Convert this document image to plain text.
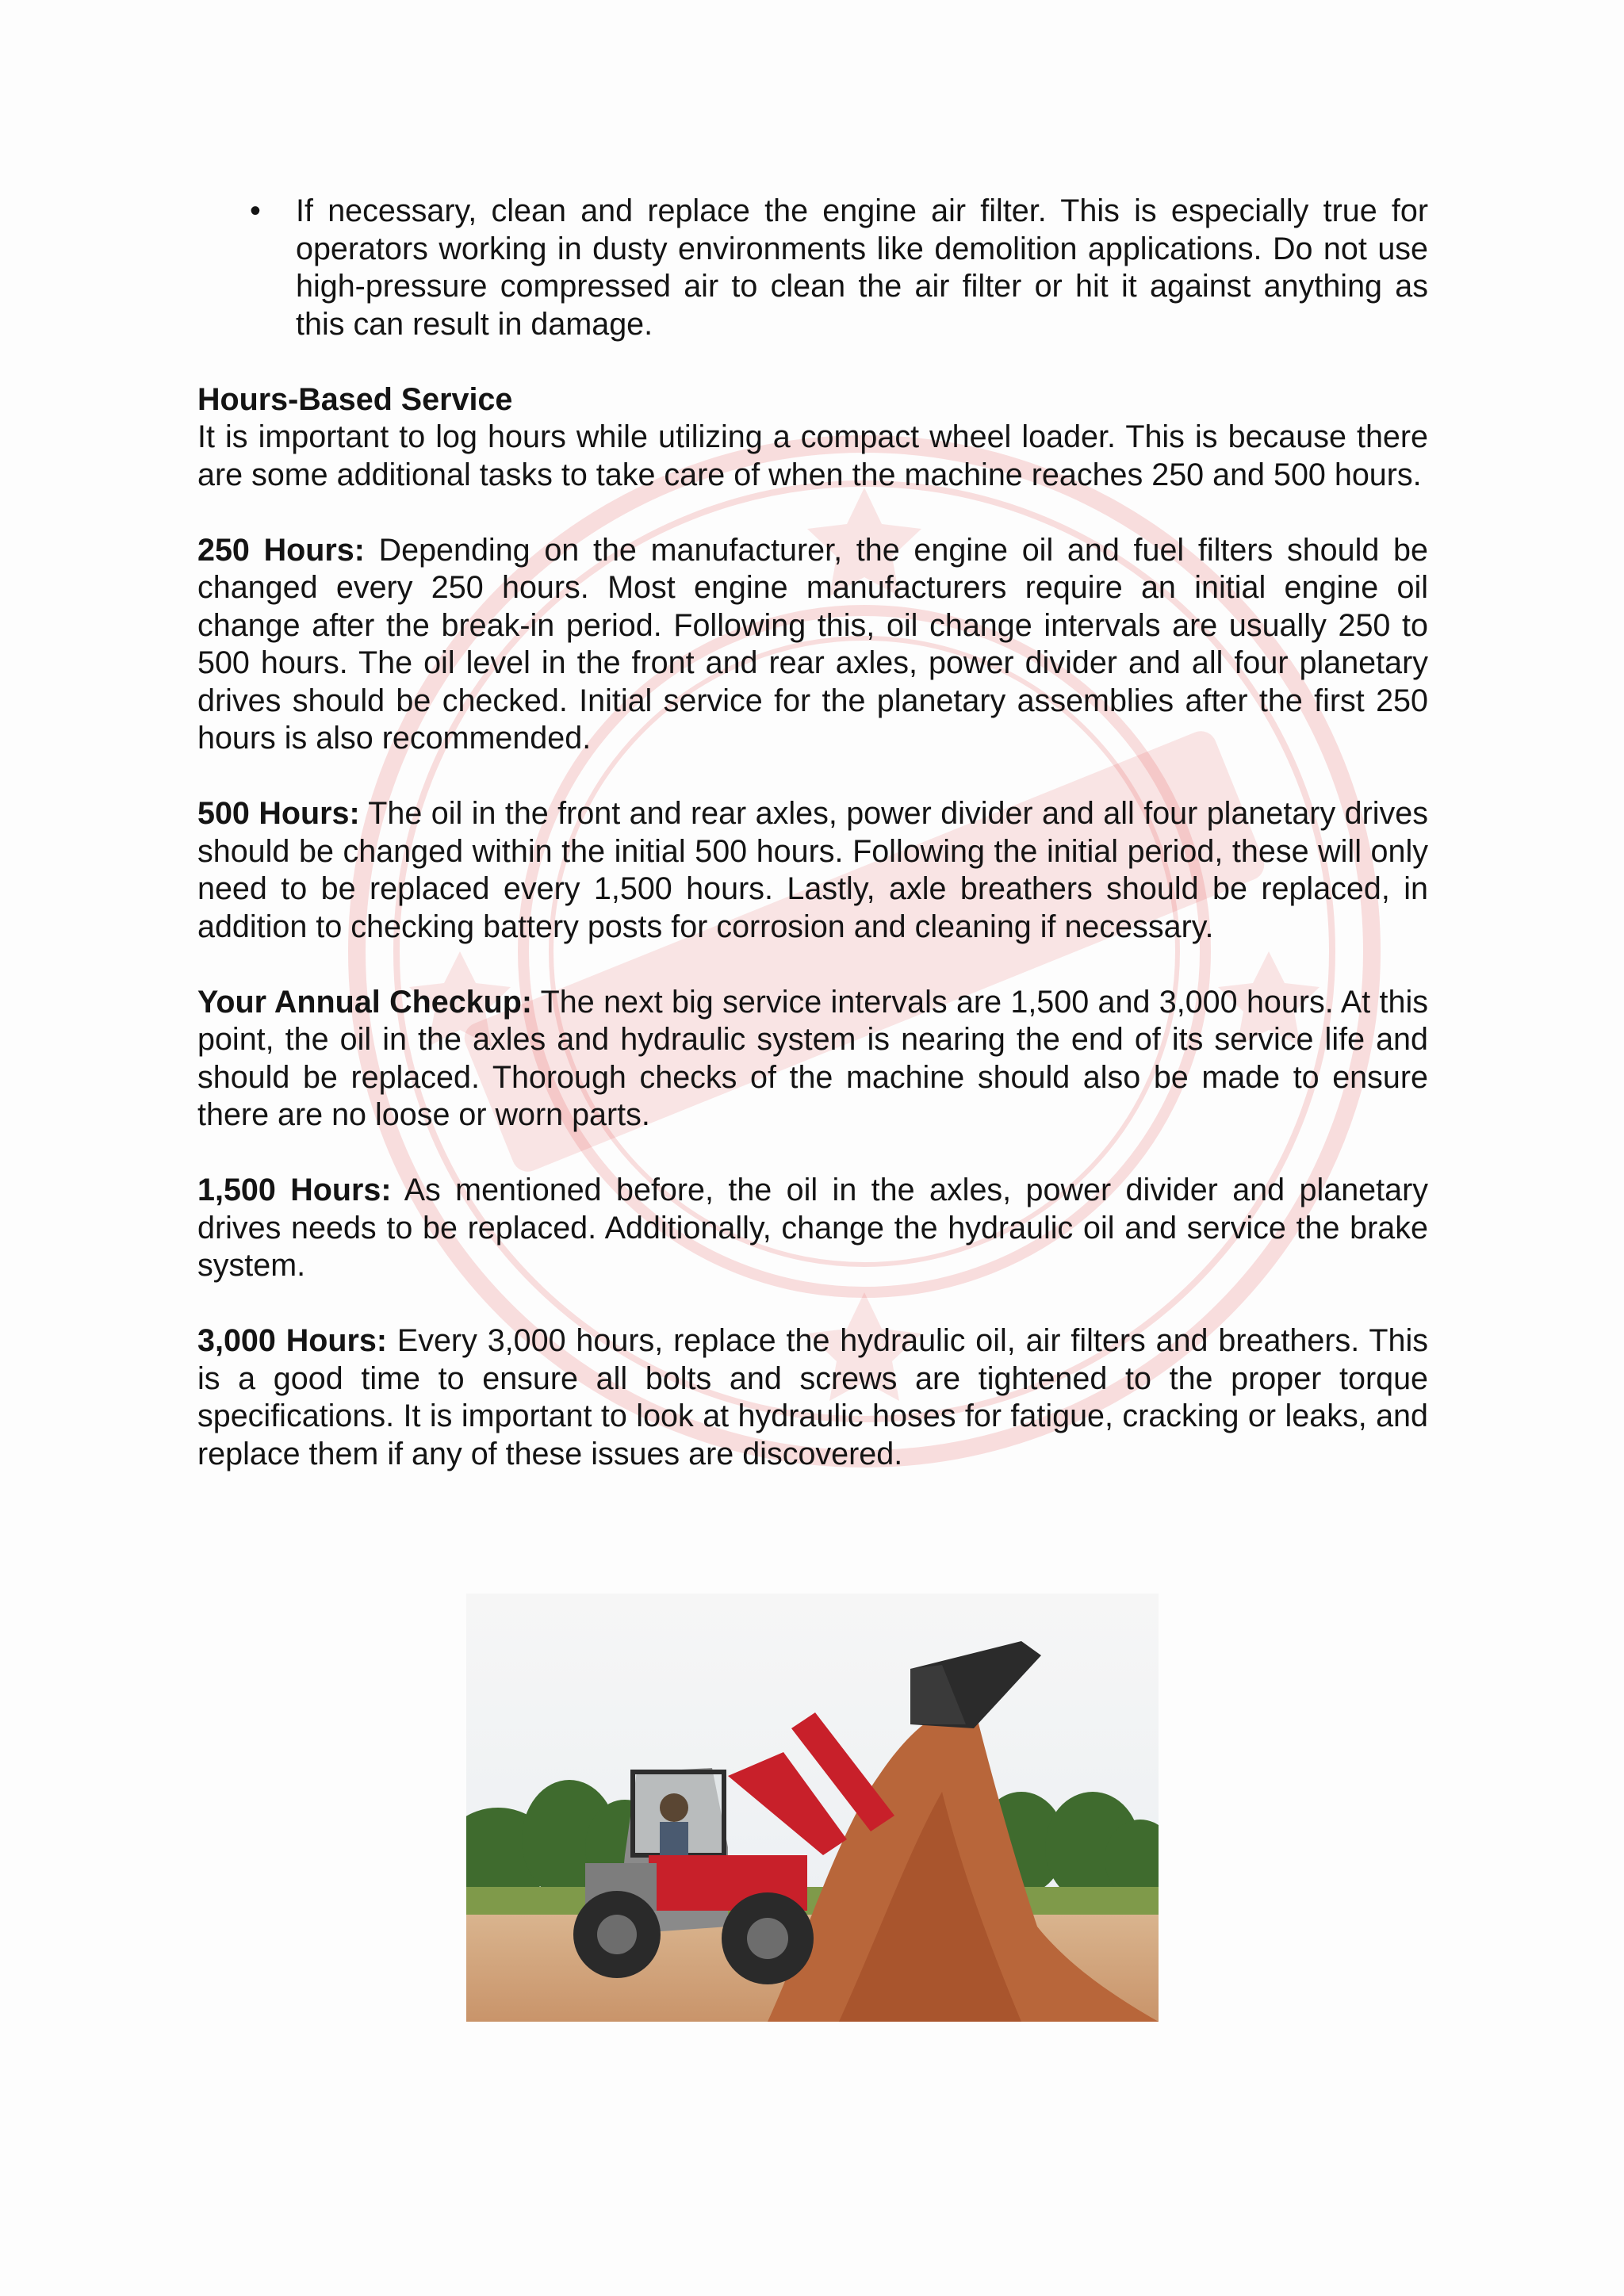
•	If necessary, clean and replace the engine air filter. This is especially true for operators working in dusty environments like demolition applications. Do not use high-pressure compressed air to clean the air filter or hit it against anything as this can result in damage.

Hours-Based Service
It is important to log hours while utilizing a compact wheel loader. This is because there are some additional tasks to take care of when the machine reaches 250 and 500 hours.

250 Hours: Depending on the manufacturer, the engine oil and fuel filters should be changed every 250 hours. Most engine manufacturers require an initial engine oil change after the break-in period. Following this, oil change intervals are usually 250 to 500 hours. The oil level in the front and rear axles, power divider and all four planetary drives should be checked. Initial service for the planetary assemblies after the first 250 hours is also recommended.

500 Hours: The oil in the front and rear axles, power divider and all four planetary drives should be changed within the initial 500 hours. Following the initial period, these will only need to be replaced every 1,500 hours. Lastly, axle breathers should be replaced, in addition to checking battery posts for corrosion and cleaning if necessary.

Your Annual Checkup: The next big service intervals are 1,500 and 3,000 hours. At this point, the oil in the axles and hydraulic system is nearing the end of its service life and should be replaced. Thorough checks of the machine should also be made to ensure there are no loose or worn parts.

1,500 Hours: As mentioned before, the oil in the axles, power divider and planetary drives needs to be replaced. Additionally, change the hydraulic oil and service the brake system.

3,000 Hours: Every 3,000 hours, replace the hydraulic oil, air filters and breathers. This is a good time to ensure all bolts and screws are tightened to the proper torque specifications. It is important to look at hydraulic hoses for fatigue, cracking or leaks, and replace them if any of these issues are discovered.
